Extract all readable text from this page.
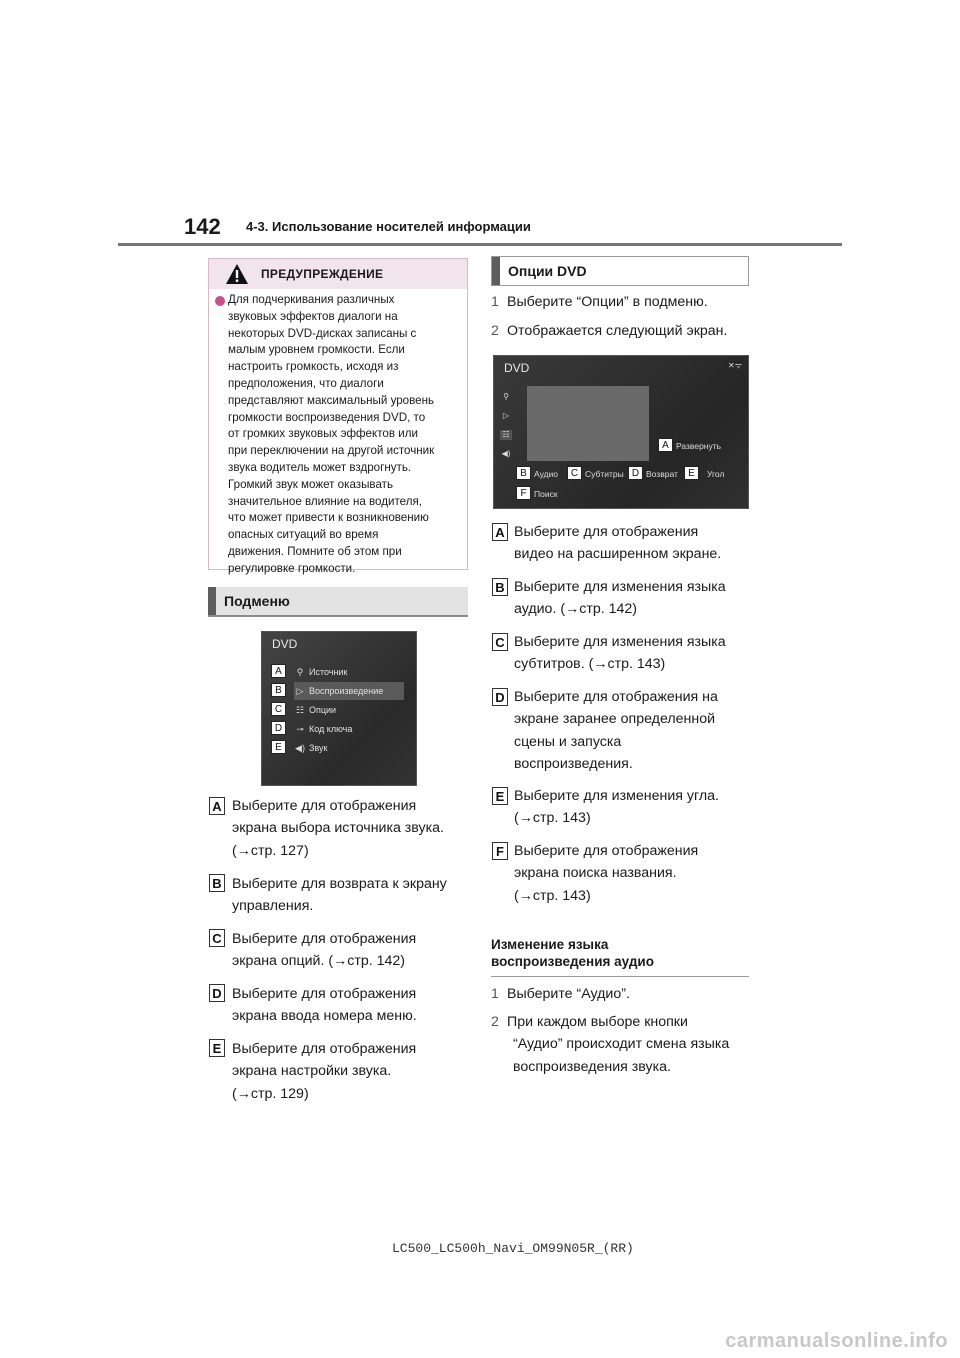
142 4-3. Использование носителей информации
ПРЕДУПРЕЖДЕНИЕ
Для подчеркивания различных
звуковых эффектов диалоги на
некоторых DVD-дисках записаны с
малым уровнем громкости. Если
настроить громкость, исходя из
предположения, что диалоги
представляют максимальный уровень
громкости воспроизведения DVD, то
от громких звуковых эффектов или
при переключении на другой источник
звука водитель может вздрогнуть.
Громкий звук может оказывать
значительное влияние на водителя,
что может привести к возникновению
опасных ситуаций во время
движения. Помните об этом при
регулировке громкости.
Подменю
DVD
A
B
C
D
E
⚲ Источник
▷ Воспроизведение
☷ Опции
⊸ Код ключа
◀) Звук
A Выберите для отображения
экрана выбора источника звука.
(→стр. 127)
B Выберите для возврата к экрану
управления.
C Выберите для отображения
экрана опций. (→стр. 142)
D Выберите для отображения
экрана ввода номера меню.
E Выберите для отображения
экрана настройки звука.
(→стр. 129)
Опции DVD
1 Выберите “Опции” в подменю.
2 Отображается следующий экран.
DVD
⚲
▷
☷
◀)
✕ᯤ
A Развернуть
B Аудио	C Субтитры D Возврат	E	Угол
F Поиск
A Выберите для отображения
видео на расширенном экране.
B Выберите для изменения языка
аудио. (→стр. 142)
C Выберите для изменения языка
субтитров. (→стр. 143)
D Выберите для отображения на
экране заранее определенной
сцены и запуска
воспроизведения.
E Выберите для изменения угла.
(→стр. 143)
F Выберите для отображения
экрана поиска названия.
(→стр. 143)
Изменение языка
воспроизведения аудио
1 Выберите “Аудио”.
2 При каждом выборе кнопки
“Аудио” происходит смена языка
воспроизведения звука.
LC500_LC500h_Navi_OM99N05R_(RR)
carmanualsonline.info
